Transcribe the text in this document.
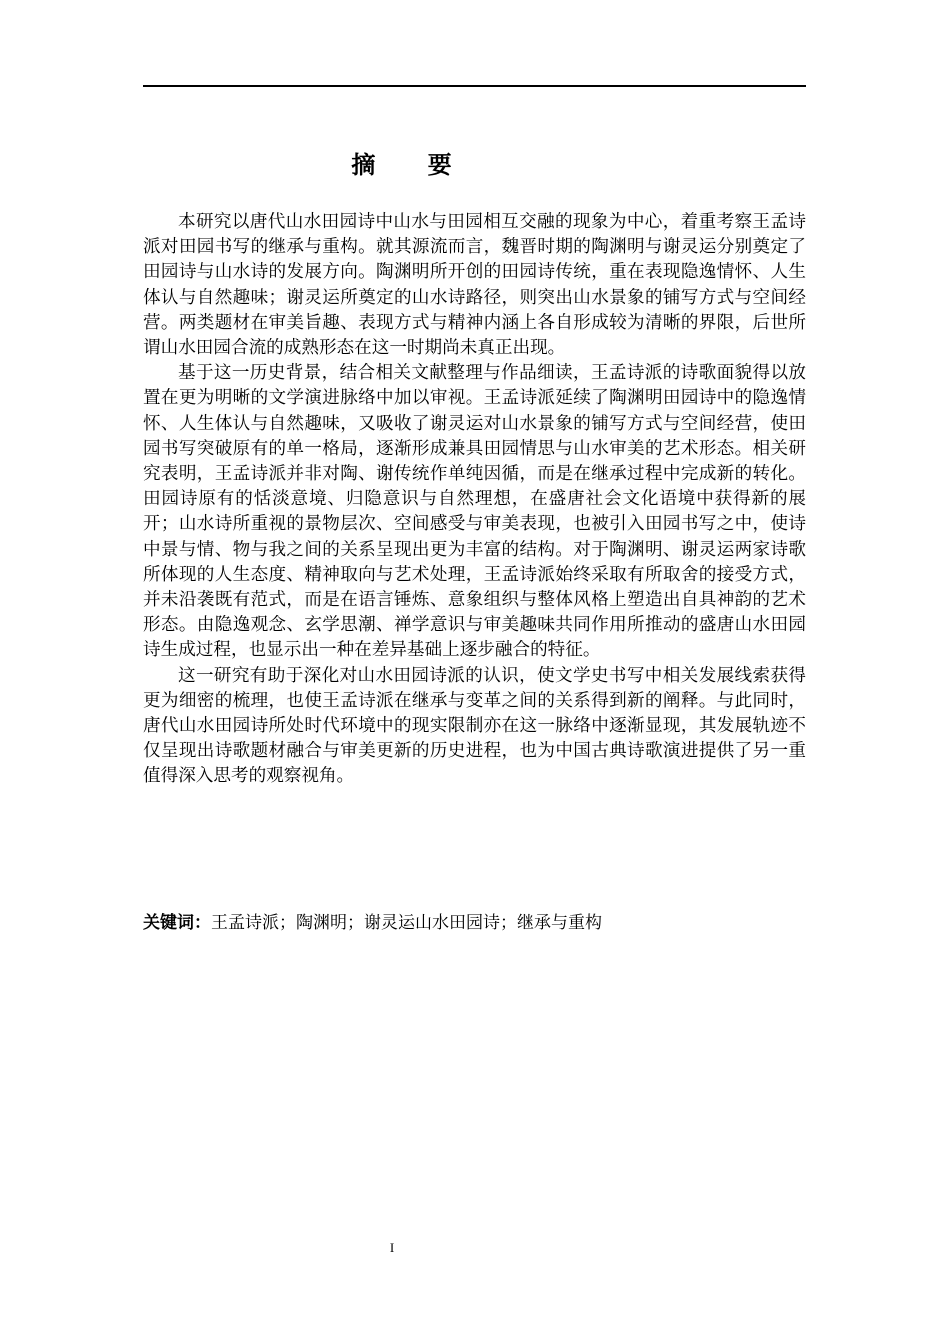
摘 要

本研究以唐代山水田园诗中山水与田园相互交融的现象为中心，着重考察王孟诗派对田园书写的继承与重构。就其源流而言，魏晋时期的陶渊明与谢灵运分别奠定了田园诗与山水诗的发展方向。陶渊明所开创的田园诗传统，重在表现隐逸情怀、人生体认与自然趣味；谢灵运所奠定的山水诗路径，则突出山水景象的铺写方式与空间经营。两类题材在审美旨趣、表现方式与精神内涵上各自形成较为清晰的界限，后世所谓山水田园合流的成熟形态在这一时期尚未真正出现。

基于这一历史背景，结合相关文献整理与作品细读，王孟诗派的诗歌面貌得以放置在更为明晰的文学演进脉络中加以审视。王孟诗派延续了陶渊明田园诗中的隐逸情怀、人生体认与自然趣味，又吸收了谢灵运对山水景象的铺写方式与空间经营，使田园书写突破原有的单一格局，逐渐形成兼具田园情思与山水审美的艺术形态。相关研究表明，王孟诗派并非对陶、谢传统作单纯因循，而是在继承过程中完成新的转化。田园诗原有的恬淡意境、归隐意识与自然理想，在盛唐社会文化语境中获得新的展开；山水诗所重视的景物层次、空间感受与审美表现，也被引入田园书写之中，使诗中景与情、物与我之间的关系呈现出更为丰富的结构。对于陶渊明、谢灵运两家诗歌所体现的人生态度、精神取向与艺术处理，王孟诗派始终采取有所取舍的接受方式，并未沿袭既有范式，而是在语言锤炼、意象组织与整体风格上塑造出自具神韵的艺术形态。由隐逸观念、玄学思潮、禅学意识与审美趣味共同作用所推动的盛唐山水田园诗生成过程，也显示出一种在差异基础上逐步融合的特征。

这一研究有助于深化对山水田园诗派的认识，使文学史书写中相关发展线索获得更为细密的梳理，也使王孟诗派在继承与变革之间的关系得到新的阐释。与此同时，唐代山水田园诗所处时代环境中的现实限制亦在这一脉络中逐渐显现，其发展轨迹不仅呈现出诗歌题材融合与审美更新的历史进程，也为中国古典诗歌演进提供了另一重值得深入思考的观察视角。

关键词：王孟诗派；陶渊明；谢灵运山水田园诗；继承与重构
I
